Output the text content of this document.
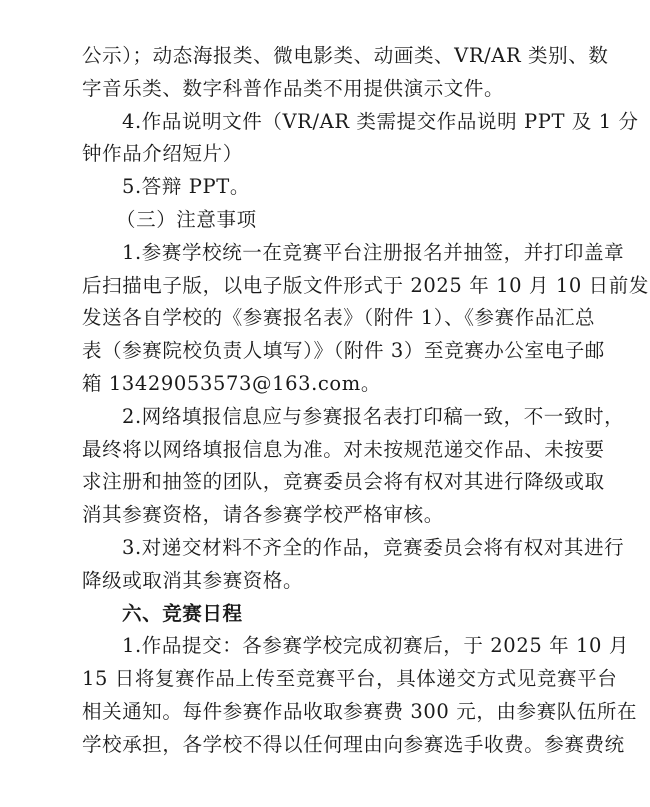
公示）；动态海报类、微电影类、动画类、VR/AR 类别、数
字音乐类、数字科普作品类不用提供演示文件。
4.作品说明文件（VR/AR 类需提交作品说明 PPT 及 1 分
钟作品介绍短片）
5.答辩 PPT。
（三）注意事项
1.参赛学校统一在竞赛平台注册报名并抽签，并打印盖章
后扫描电子版，以电子版文件形式于 2025 年 10 月 10 日前发
发送各自学校的《参赛报名表》（附件 1）、《参赛作品汇总
表（参赛院校负责人填写）》（附件 3）至竞赛办公室电子邮
箱 13429053573@163.com。
2.网络填报信息应与参赛报名表打印稿一致，不一致时，
最终将以网络填报信息为准。对未按规范递交作品、未按要
求注册和抽签的团队，竞赛委员会将有权对其进行降级或取
消其参赛资格，请各参赛学校严格审核。
3.对递交材料不齐全的作品，竞赛委员会将有权对其进行
降级或取消其参赛资格。
六、竞赛日程
1.作品提交：各参赛学校完成初赛后，于 2025 年 10 月
15 日将复赛作品上传至竞赛平台，具体递交方式见竞赛平台
相关通知。每件参赛作品收取参赛费 300 元，由参赛队伍所在
学校承担，各学校不得以任何理由向参赛选手收费。参赛费统
